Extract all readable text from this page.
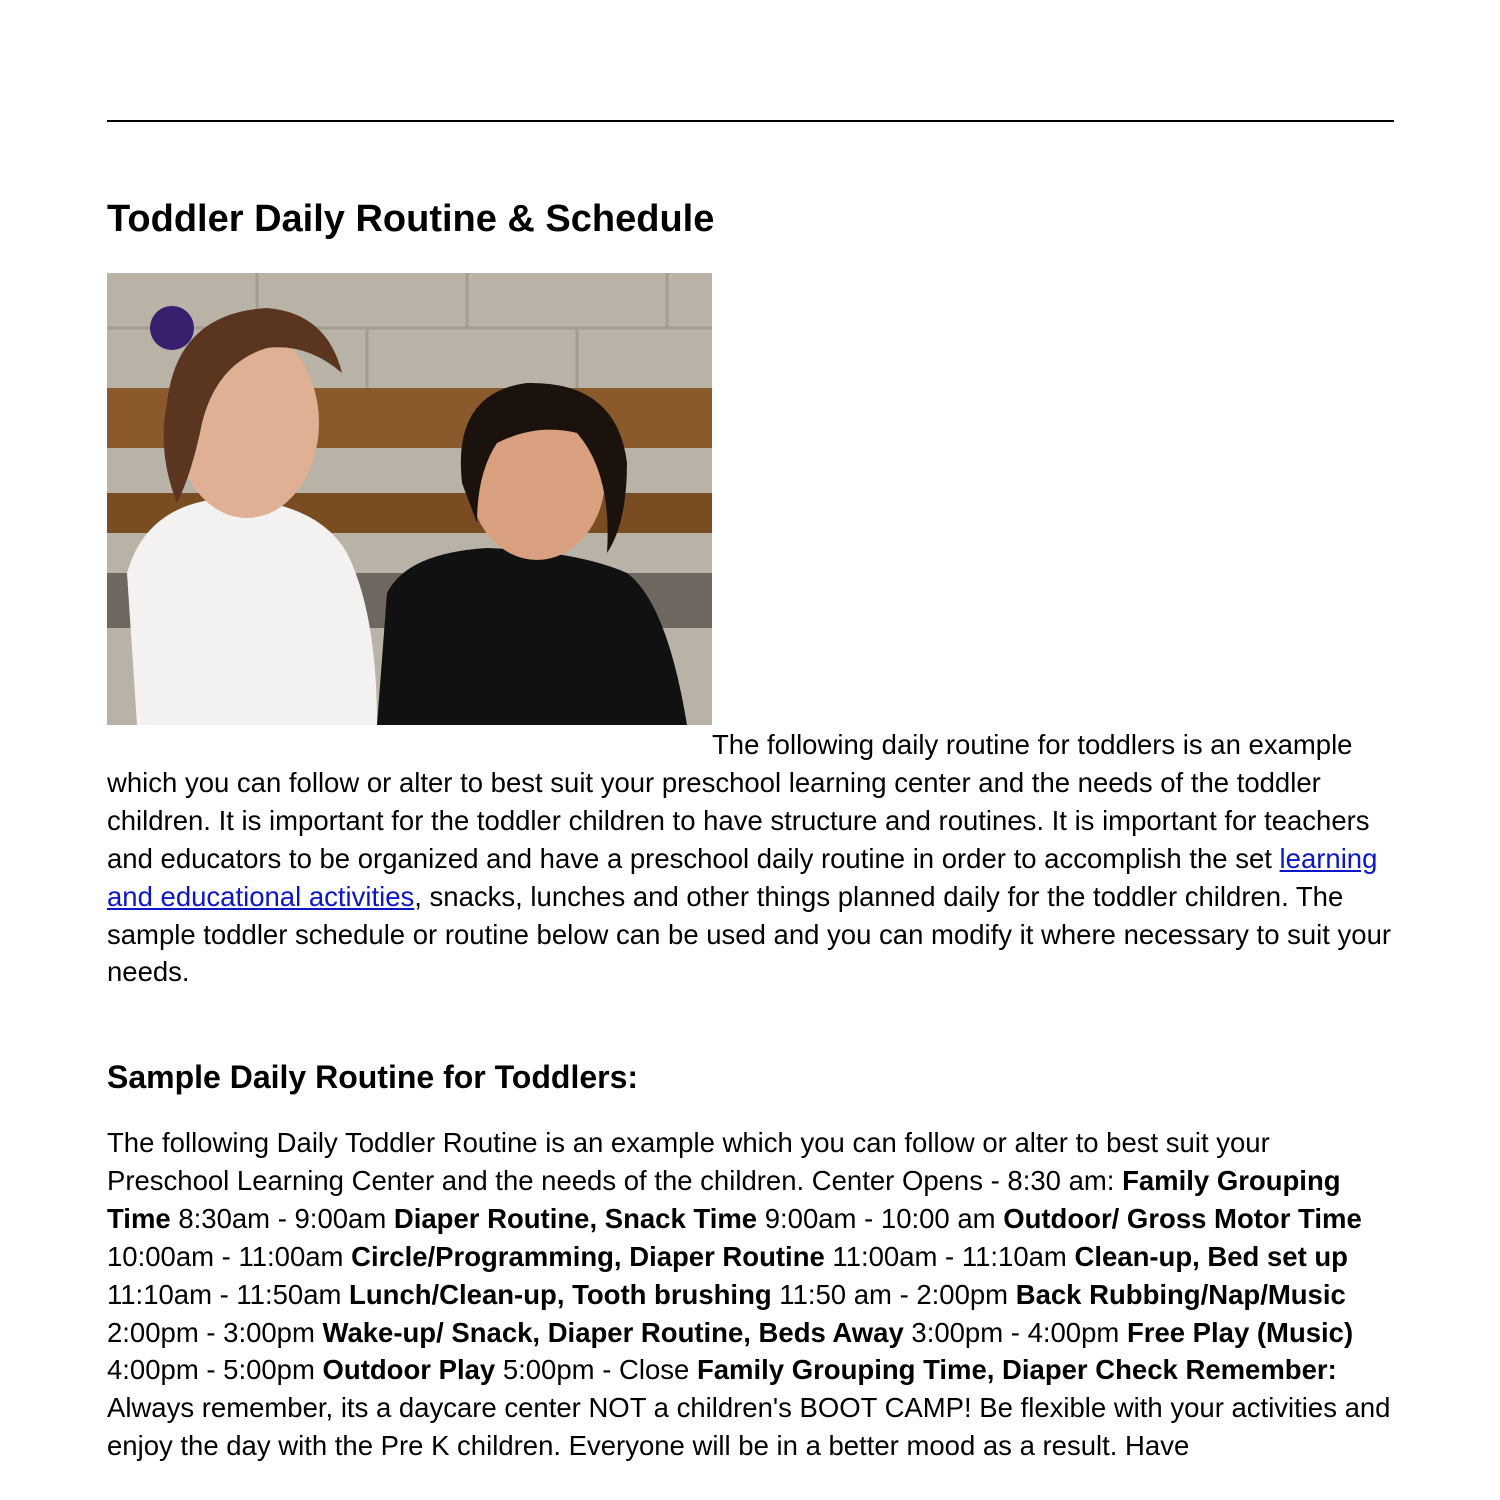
Toddler Daily Routine & Schedule

The following daily routine for toddlers is an example which you can follow or alter to best suit your preschool learning center and the needs of the toddler children. It is important for the toddler children to have structure and routines. It is important for teachers and educators to be organized and have a preschool daily routine in order to accomplish the set learning and educational activities, snacks, lunches and other things planned daily for the toddler children. The sample toddler schedule or routine below can be used and you can modify it where necessary to suit your needs.

Sample Daily Routine for Toddlers:

The following Daily Toddler Routine is an example which you can follow or alter to best suit your Preschool Learning Center and the needs of the children. Center Opens - 8:30 am: Family Grouping Time 8:30am - 9:00am Diaper Routine, Snack Time 9:00am - 10:00 am Outdoor/ Gross Motor Time 10:00am - 11:00am Circle/Programming, Diaper Routine 11:00am - 11:10am Clean-up, Bed set up 11:10am - 11:50am Lunch/Clean-up, Tooth brushing 11:50 am - 2:00pm Back Rubbing/Nap/Music 2:00pm - 3:00pm Wake-up/ Snack, Diaper Routine, Beds Away 3:00pm - 4:00pm Free Play (Music) 4:00pm - 5:00pm Outdoor Play 5:00pm - Close Family Grouping Time, Diaper Check Remember: Always remember, its a daycare center NOT a children's BOOT CAMP! Be flexible with your activities and enjoy the day with the Pre K children. Everyone will be in a better mood as a result. Have
